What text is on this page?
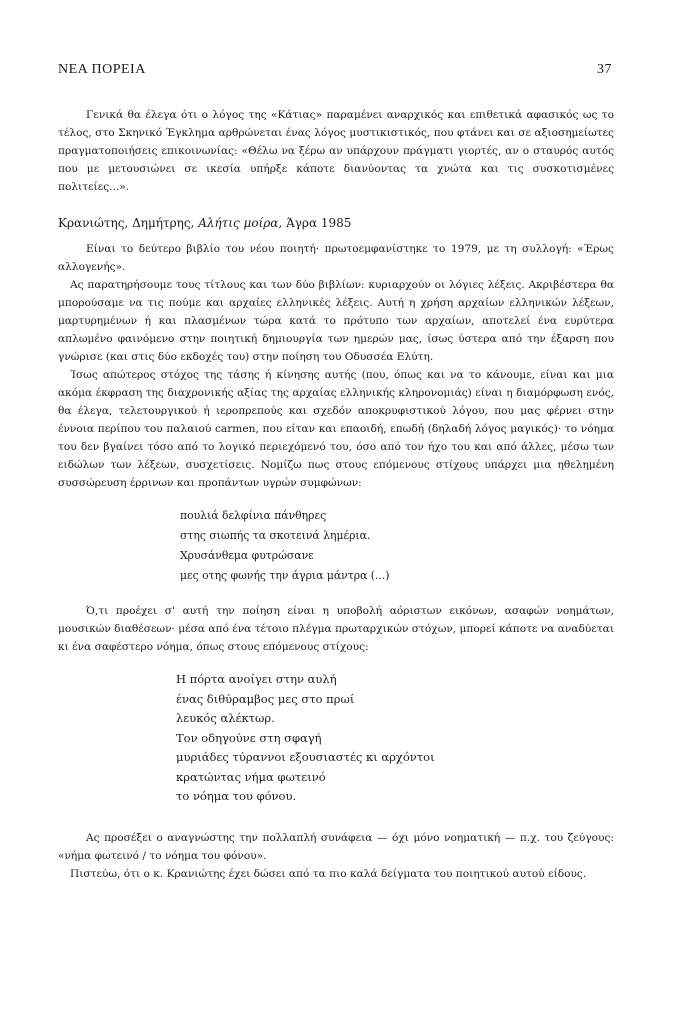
ΝΕΑ ΠΟΡΕΙΑ	37

Γενικά θα έλεγα ότι ο λόγος της «Κάτιας» παραμένει αναρχικός και επιθετικά αφασικός ως το τέλος, στο Σκηνικό Έγκλημα αρθρώνεται ένας λόγος μυστικιστικός, που φτάνει και σε αξιοσημείωτες πραγματοποιήσεις επικοινωνίας: «Θέλω να ξέρω αν υπάρχουν πράγματι γιορτές, αν ο σταυρός αυτός που με μετουσιώνει σε ικεσία υπήρξε κάποτε διανύοντας τα χνώτα και τις συσκοτισμένες πολιτείες...».

Κρανιώτης, Δημήτρης, Αλήτις μοίρα, Άγρα 1985

Είναι το δεύτερο βιβλίο του νέου ποιητή· πρωτοεμφανίστηκε το 1979, με τη συλλογή: «Έρως αλλογενής».

Ας παρατηρήσουμε τους τίτλους και των δύο βιβλίων: κυριαρχούν οι λόγιες λέξεις. Ακριβέστερα θα μπορούσαμε να τις πούμε και αρχαίες ελληνικές λέξεις. Αυτή η χρήση αρχαίων ελληνικών λέξεων, μαρτυρημένων ή και πλασμένων τώρα κατά το πρότυπο των αρχαίων, αποτελεί ένα ευρύτερα απλωμένο φαινόμενο στην ποιητική δημιουργία των ημερών μας, ίσως ύστερα από την έξαρση που γνώρισε (και στις δύο εκδοχές του) στην ποίηση του Οδυσσέα Ελύτη.

Ίσως απώτερος στόχος της τάσης ή κίνησης αυτής (που, όπως και να το κάνουμε, είναι και μια ακόμα έκφραση της διαχρονικής αξίας της αρχαίας ελληνικής κληρονομιάς) είναι η διαμόρφωση ενός, θα έλεγα, τελετουργικού ή ιεροπρεπούς και σχεδόν αποκρυφιστικού λόγου, που μας φέρνει στην έννοια περίπου του παλαιού carmen, που είταν και επαοιδή, επωδή (δηλαδή λόγος μαγικός)· το νόημα του δεν βγαίνει τόσο από το λογικό περιεχόμενό του, όσο από τον ήχο του και από άλλες, μέσω των ειδώλων των λέξεων, συσχετίσεις. Νομίζω πως στους επόμενους στίχους υπάρχει μια ηθελημένη συσσώρευση έρρινων και προπάντων υγρών συμφώνων:

πουλιά δελφίνια πάνθηρες
στης σιωπής τα σκοτεινά λημέρια.
Χρυσάνθεμα φυτρώσανε
μες οτης φωνής την άγρια μάντρα (...)

Ό,τι προέχει σ' αυτή την ποίηση είναι η υποβολή αόριστων εικόνων, ασαφών νοημάτων, μουσικών διαθέσεων· μέσα από ένα τέτοιο πλέγμα πρωταρχικών στόχων, μπορεί κάποτε να αναδύεται κι ένα σαφέστερο νόημα, όπως στους επόμενους στίχους:

Η πόρτα ανοίγει στην αυλή
ένας διθύραμβος μες στο πρωί
λευκός αλέκτωρ.
Τον οδηγούνε στη σφαγή
μυριάδες τύραννοι εξουσιαστές κι αρχόντοι
κρατώντας νήμα φωτεινό
το νόημα του φόνου.

Ας προσέξει ο αναγνώστης την πολλαπλή συνάφεια — όχι μόνο νοηματική — π.χ. του ζεύγους: «νήμα φωτεινό / το νόημα του φόνου».

Πιστεύω, ότι ο κ. Κρανιώτης έχει δώσει από τα πιο καλά δείγματα του ποιητικού αυτού είδους.
